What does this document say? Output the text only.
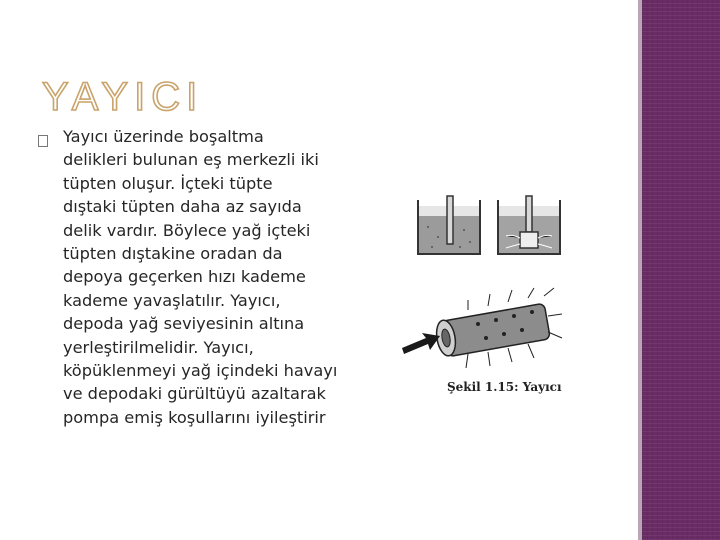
YAYICI
Yayıcı üzerinde boşaltma
delikleri bulunan eş merkezli iki
tüpten oluşur. İçteki tüpte
dıştaki tüpten daha az sayıda
delik vardır. Böylece yağ içteki
tüpten dıştakine oradan da
depoya geçerken hızı kademe
kademe yavaşlatılır. Yayıcı,
depoda yağ seviyesinin altına
yerleştirilmelidir. Yayıcı,
köpüklenmeyi yağ içindeki havayı
ve depodaki gürültüyü azaltarak
pompa emiş koşullarını iyileştirir
Şekil 1.15: Yayıcı
